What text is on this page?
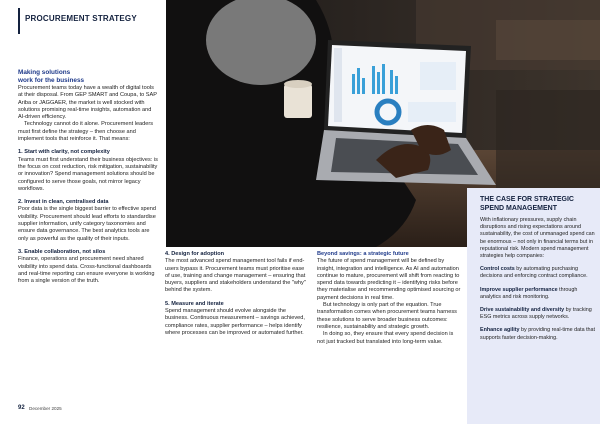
PROCUREMENT STRATEGY

Making solutions

work for the business

Procurement teams today have a wealth of digital tools at their disposal. From GEP SMART and Coupa, to SAP Ariba or JAGGAER, the market is well stocked with solutions promising real-time insights, automation and AI-driven efficiency.

Technology cannot do it alone. Procurement leaders must first define the strategy – then choose and implement tools that reinforce it. That means:

1. Start with clarity, not complexity

Teams must first understand their business objectives: is the focus on cost reduction, risk mitigation, sustainability or innovation? Spend management solutions should be configured to serve those goals, not mirror legacy workflows.

2. Invest in clean, centralised data

Poor data is the single biggest barrier to effective spend visibility. Procurement should lead efforts to standardise supplier information, unify category taxonomies and ensure data governance. The best analytics tools are only as powerful as the quality of their inputs.

3. Enable collaboration, not silos

Finance, operations and procurement need shared visibility into spend data. Cross-functional dashboards and real-time reporting can ensure everyone is working from a single version of the truth.

4. Design for adoption

The most advanced spend management tool fails if end-users bypass it. Procurement teams must prioritise ease of use, training and change management – ensuring that buyers, suppliers and stakeholders understand the "why" behind the system.

5. Measure and iterate

Spend management should evolve alongside the business. Continuous measurement – savings achieved, compliance rates, supplier performance – helps identify where processes can be improved or automated further.

Beyond savings: a strategic future

The future of spend management will be defined by insight, integration and intelligence. As AI and automation continue to mature, procurement will shift from reacting to spend data towards predicting it – identifying risks before they materialise and recommending optimised sourcing or payment decisions in real time.

But technology is only part of the equation. True transformation comes when procurement teams harness these solutions to serve broader business outcomes: resilience, sustainability and strategic growth.

In doing so, they ensure that every spend decision is not just tracked but translated into long-term value.

THE CASE FOR STRATEGIC SPEND MANAGEMENT

With inflationary pressures, supply chain disruptions and rising expectations around sustainability, the cost of unmanaged spend can be enormous – not only in financial terms but in reputational risk. Modern spend management strategies help companies:

Control costs by automating purchasing decisions and enforcing contract compliance.

Improve supplier performance through analytics and risk monitoring.

Drive sustainability and diversity by tracking ESG metrics across supply networks.

Enhance agility by providing real-time data that supports faster decision-making.

92 December 2025
